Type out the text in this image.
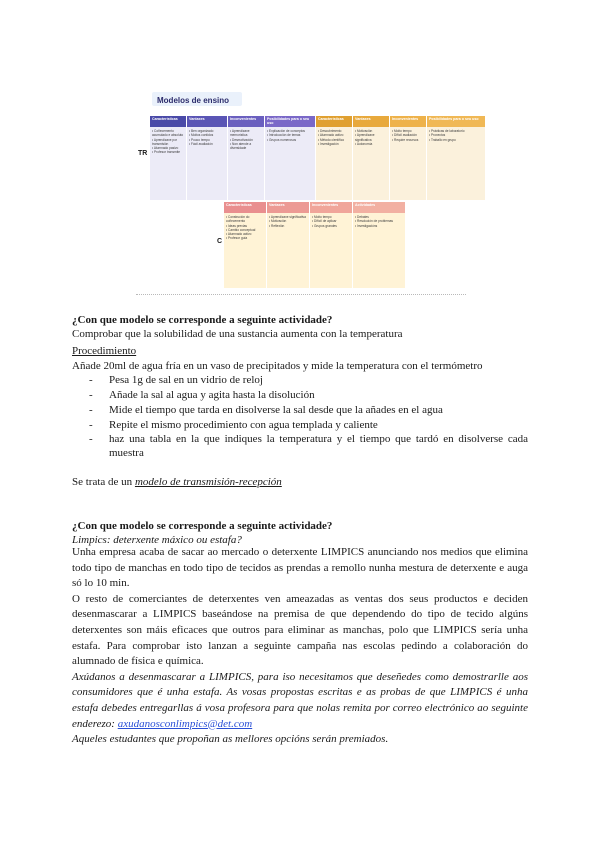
Modelos de ensino
TR
C
Características
• Coñecemento acumulado e absoluto
• Aprendizaxe por transmisión
• Alumnado pasivo
• Profesor transmite
Vantaxes
• Ben organizado
• Moitos contidos
• Pouco tempo
• Fácil avaliación
Inconvenientes
• Aprendizaxe memorística
• Desmotivación
• Non atende a diversidade
Posibilidades para o seu uso
• Explicación de conceptos
• Introducción de temas
• Grupos numerosos
Características
• Descubrimento
• Alumnado activo
• Método científico
• Investigación
Vantaxes
• Motivación
• Aprendizaxe significativa
• Autonomía
Inconvenientes
• Moito tempo
• Difícil avaliación
• Require recursos
Posibilidades para o seu uso
• Prácticas de laboratorio
• Proxectos
• Traballo en grupo
Características
• Construción do coñecemento
• Ideas previas
• Cambio conceptual
• Alumnado activo
• Profesor guía
Vantaxes
• Aprendizaxe significativa
• Motivación
• Reflexión
Inconvenientes
• Moito tempo
• Difícil de aplicar
• Grupos grandes
Actividades
• Debates
• Resolución de problemas
• Investigacións
¿Con que modelo se corresponde a seguinte actividade?
Comprobar que la solubilidad de una sustancia aumenta con la temperatura
Procedimiento
Añade 20ml de agua fría en un vaso de precipitados y mide la temperatura con el termómetro
- Pesa 1g de sal en un vidrio de reloj
- Añade la sal al agua y agita hasta la disolución
- Mide el tiempo que tarda en disolverse la sal desde que la añades en el agua
- Repite el mismo procedimiento con agua templada y caliente
- haz una tabla en la que indiques la temperatura y el tiempo que tardó en disolverse cada
muestra
Se trata de un modelo de transmisión-recepción
¿Con que modelo se corresponde a seguinte actividade?
Limpics: deterxente máxico ou estafa?

Unha empresa acaba de sacar ao mercado o deterxente LIMPICS anunciando nos medios que elimina todo tipo de manchas en todo tipo de tecidos as prendas a remollo nunha mestura de deterxente e auga só lo 10 min.

O resto de comerciantes de deterxentes ven ameazadas as ventas dos seus productos e deciden desenmascarar a LIMPICS baseándose na premisa de que dependendo do tipo de tecido algúns deterxentes son máis eficaces que outros para eliminar as manchas, polo que LIMPICS sería unha estafa. Para comprobar isto lanzan a seguinte campaña nas escolas pedindo a colaboración do alumnado de física e química.

Axúdanos a desenmascarar a LIMPICS, para iso necesitamos que deseñedes como demostrarlle aos consumidores que é unha estafa. As vosas propostas escritas e as probas de que LIMPICS é unha estafa debedes entregarllas á vosa profesora para que nolas remita por correo electrónico ao seguinte enderezo: axudanosconlimpics@det.com

Aqueles estudantes que propoñan as mellores opcións serán premiados.
